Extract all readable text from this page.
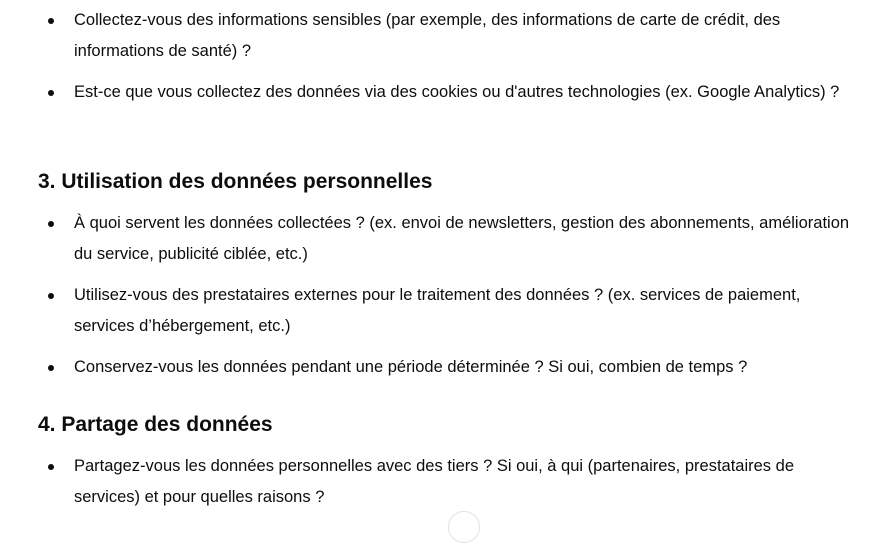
Collectez-vous des informations sensibles (par exemple, des informations de carte de crédit, des informations de santé) ?
Est-ce que vous collectez des données via des cookies ou d'autres technologies (ex. Google Analytics) ?
3. Utilisation des données personnelles
À quoi servent les données collectées ? (ex. envoi de newsletters, gestion des abonnements, amélioration du service, publicité ciblée, etc.)
Utilisez-vous des prestataires externes pour le traitement des données ? (ex. services de paiement, services d’hébergement, etc.)
Conservez-vous les données pendant une période déterminée ? Si oui, combien de temps ?
4. Partage des données
Partagez-vous les données personnelles avec des tiers ? Si oui, à qui (partenaires, prestataires de services) et pour quelles raisons ?
